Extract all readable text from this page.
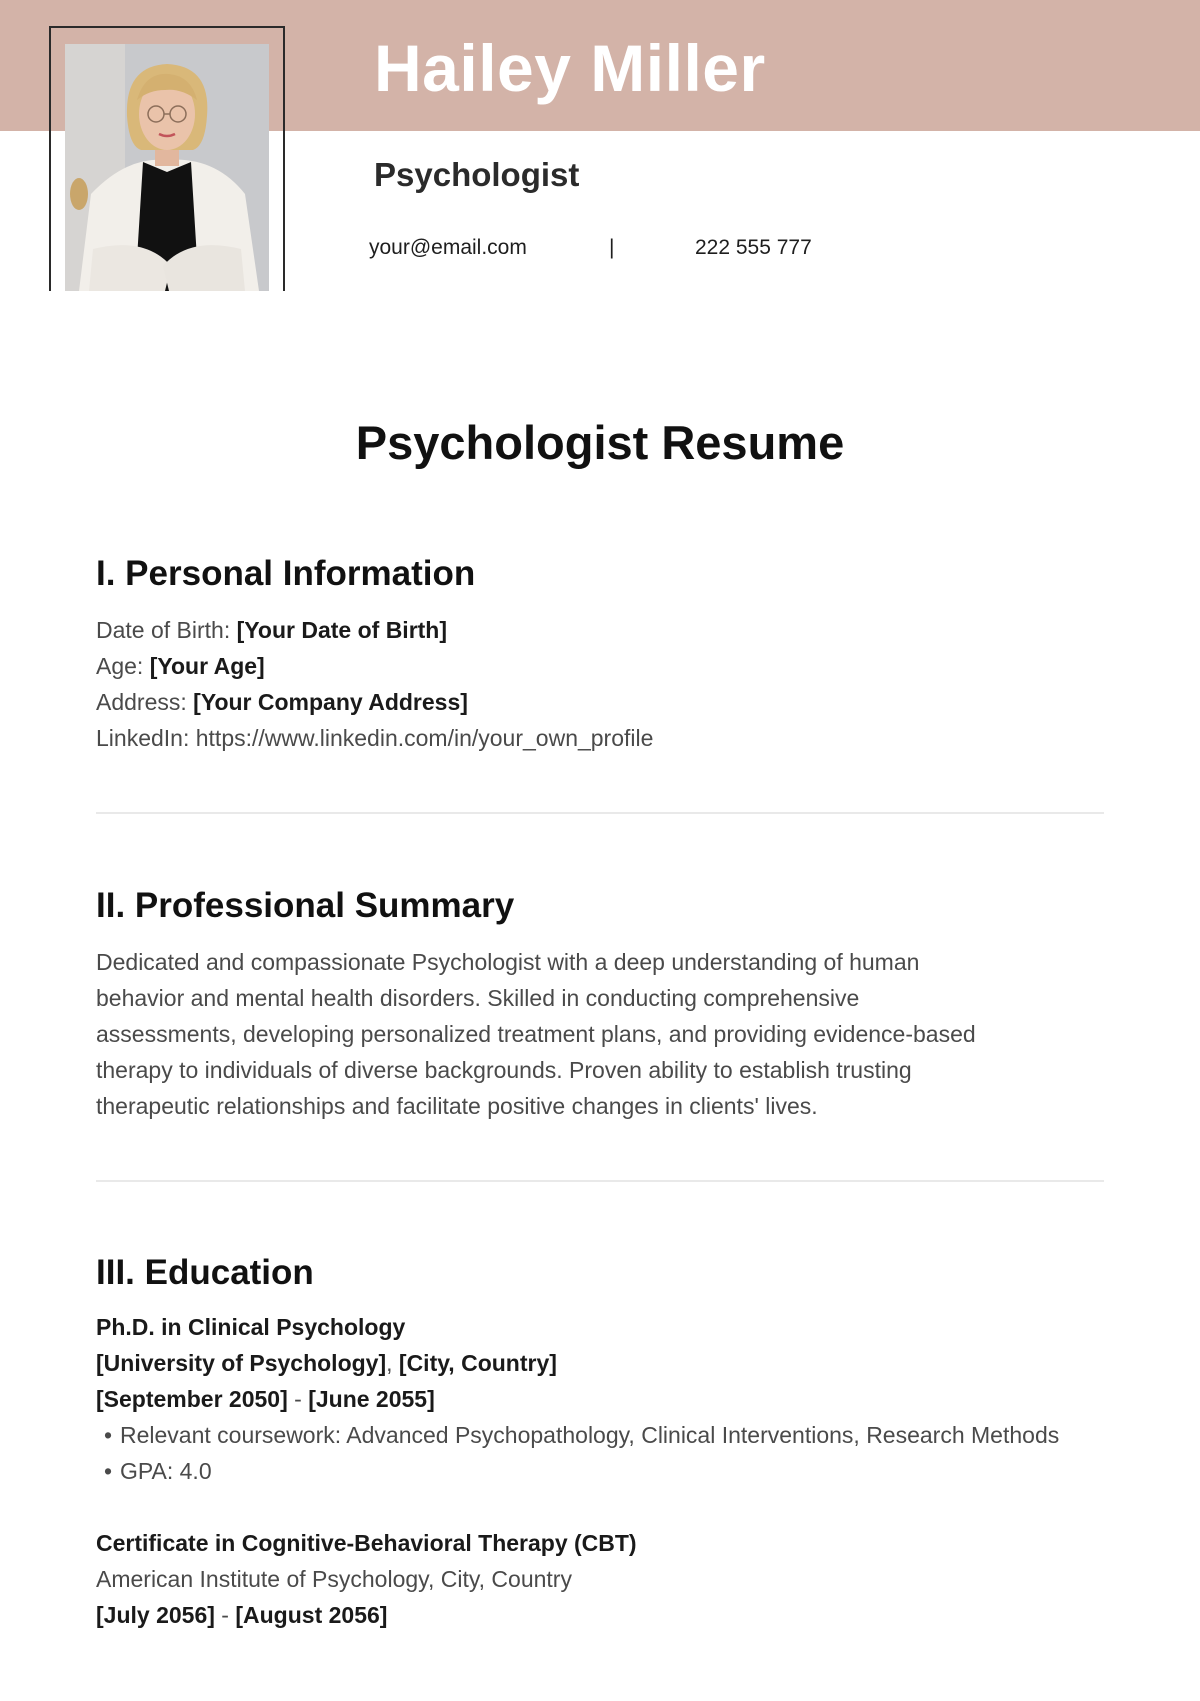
Hailey Miller
Psychologist
your@email.com	|	222 555 777
Psychologist Resume
I. Personal Information
Date of Birth: [Your Date of Birth]
Age: [Your Age]
Address: [Your Company Address]
LinkedIn: https://www.linkedin.com/in/your_own_profile
II. Professional Summary
Dedicated and compassionate Psychologist with a deep understanding of human
behavior and mental health disorders. Skilled in conducting comprehensive
assessments, developing personalized treatment plans, and providing evidence-based
therapy to individuals of diverse backgrounds. Proven ability to establish trusting
therapeutic relationships and facilitate positive changes in clients' lives.
III. Education
Ph.D. in Clinical Psychology
[University of Psychology], [City, Country]
[September 2050] - [June 2055]
• Relevant coursework: Advanced Psychopathology, Clinical Interventions, Research Methods
• GPA: 4.0
Certificate in Cognitive-Behavioral Therapy (CBT)
American Institute of Psychology, City, Country
[July 2056] - [August 2056]
